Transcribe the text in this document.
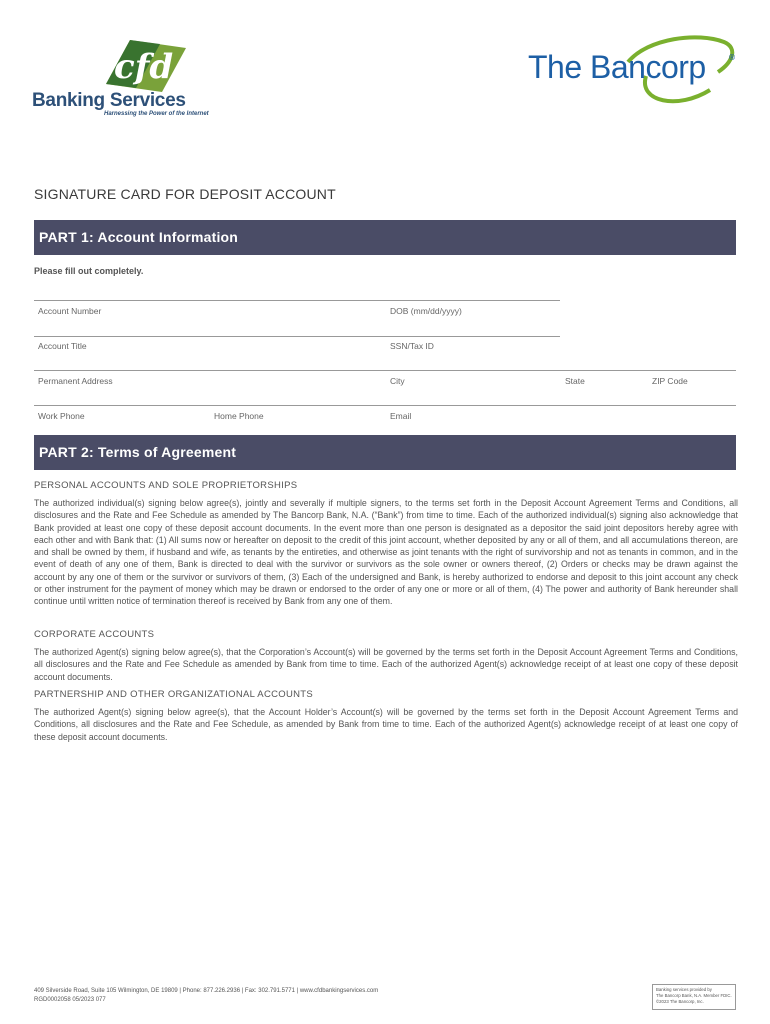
cfd
Banking Services
Harnessing the Power of the Internet
®
The Bancorp
SIGNATURE CARD FOR DEPOSIT ACCOUNT
PART 1: Account Information
Please fill out completely.
Account Number	DOB (mm/dd/yyyy)
Account Title	SSN/Tax ID
Permanent Address	City	State	ZIP Code
Work Phone	Home Phone	Email
PART 2: Terms of Agreement
PERSONAL ACCOUNTS AND SOLE PROPRIETORSHIPS

The authorized individual(s) signing below agree(s), jointly and severally if multiple signers, to the terms set forth in the Deposit Account Agreement Terms and Conditions, all disclosures and the Rate and Fee Schedule as amended by The Bancorp Bank, N.A. (“Bank”) from time to time. Each of the authorized individual(s) signing also acknowledge that Bank provided at least one copy of these deposit account documents. In the event more than one person is designated as a depositor the said joint depositors hereby agree with each other and with Bank that: (1) All sums now or hereafter on deposit to the credit of this joint account, whether deposited by any or all of them, and all accumulations thereon, are and shall be owned by them, if husband and wife, as tenants by the entireties, and otherwise as joint tenants with the right of survivorship and not as tenants in common, and in the event of death of any one of them, Bank is directed to deal with the survivor or survivors as the sole owner or owners thereof, (2) Orders or checks may be drawn against the account by any one of them or the survivor or survivors of them, (3) Each of the undersigned and Bank, is hereby authorized to endorse and deposit to this joint account any check or other instrument for the payment of money which may be drawn or endorsed to the order of any one or more or all of them, (4) The power and authority of Bank hereunder shall continue until written notice of termination thereof is received by Bank from any one of them.

CORPORATE ACCOUNTS

The authorized Agent(s) signing below agree(s), that the Corporation’s Account(s) will be governed by the terms set forth in the Deposit Account Agreement Terms and Conditions, all disclosures and the Rate and Fee Schedule as amended by Bank from time to time. Each of the authorized Agent(s) acknowledge receipt of at least one copy of these deposit account documents.

PARTNERSHIP AND OTHER ORGANIZATIONAL ACCOUNTS

The authorized Agent(s) signing below agree(s), that the Account Holder’s Account(s) will be governed by the terms set forth in the Deposit Account Agreement Terms and Conditions, all disclosures and the Rate and Fee Schedule, as amended by Bank from time to time. Each of the authorized Agent(s) acknowledge receipt of at least one copy of these deposit account documents.

409 Silverside Road, Suite 105 Wilmington, DE 19809 | Phone: 877.226.2936 | Fax: 302.791.5771 | www.cfdbankingservices.com
RGD0002058 05/2023 077
Banking services provided by
The Bancorp Bank, N.A. Member FDIC.
©2023 The Bancorp, Inc.
